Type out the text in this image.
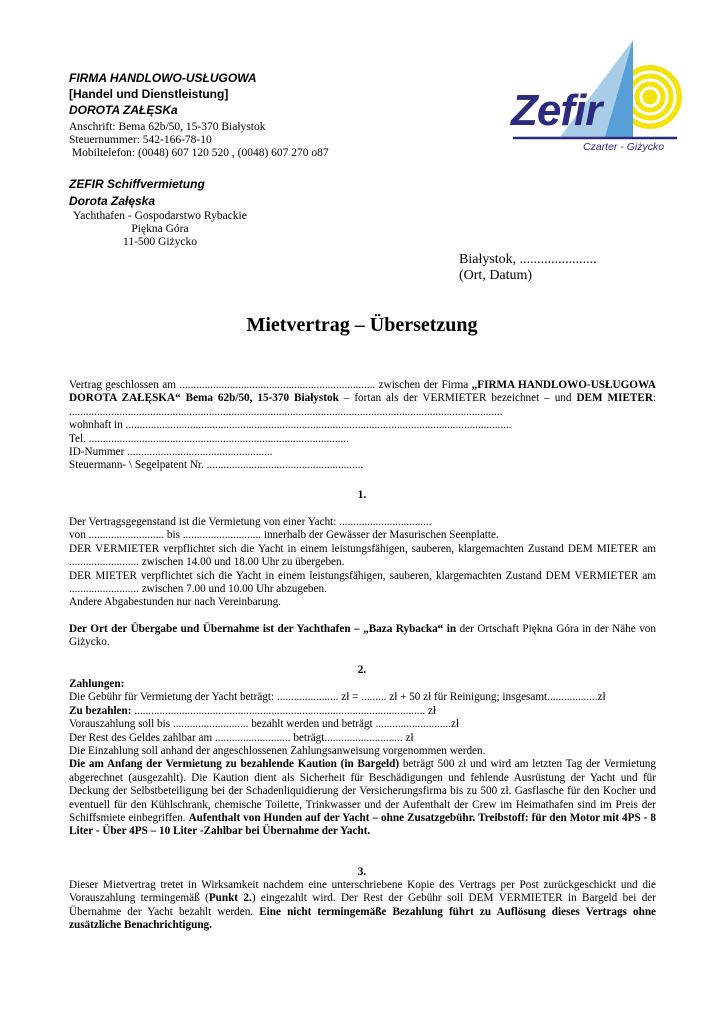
FIRMA HANDLOWO-USŁUGOWA
[Handel und Dienstleistung]
DOROTA ZAŁĘSKa
Anschrift: Bema 62b/50, 15-370 Białystok
Steuernummer: 542-166-78-10
Mobiltelefon: (0048) 607 120 520 , (0048) 607 270 o87
ZEFIR Schiffvermietung
Dorota Załęska
Yachthafen - Gospodarstwo Rybackie
Piękna Góra
11-500 Giżycko
Zefir
Czarter - Giżycko
Białystok, ......................
(Ort, Datum)
Mietvertrag – Übersetzung
Vertrag geschlossen am ...................................................................... zwischen der Firma „FIRMA HANDLOWO-USŁUGOWA DOROTA ZAŁĘSKA“ Bema 62b/50, 15-370 Białystok – fortan als der VERMIETER bezeichnet – und DEM MIETER: ...........................................................................................................................................................
wohnhaft in ..........................................................................................................................................
Tel. .............................................................................................
ID-Nummer ....................................................
Steuermann- \ Segelpatent Nr. ........................................................
1.
Der Vertragsgegenstand ist die Vermietung von einer Yacht: .................................
von ........................... bis ............................ innerhalb der Gewässer der Masurischen Seenplatte.
DER VERMIETER verpflichtet sich die Yacht in einem leistungsfähigen, sauberen, klargemachten Zustand DEM MIETER am ......................... zwischen 14.00 und 18.00 Uhr zu übergeben.
DER MIETER verpflichtet sich die Yacht in einem leistungsfähigen, sauberen, klargemachten Zustand DEM VERMIETER am ......................... zwischen 7.00 und 10.00 Uhr abzugeben.
Andere Abgabestunden nur nach Vereinbarung.
Der Ort der Übergabe und Übernahme ist der Yachthafen – „Baza Rybacka“ in der Ortschaft Piękna Góra in der Nähe von Giżycko.
2.
Zahlungen:
Die Gebühr für Vermietung der Yacht beträgt: ...................... zł = ......... zł + 50 zł für Reinigung; insgesamt..................zł
Zu bezahlen: ........................................................................................................ zł
Vorauszahlung soll bis ........................... bezahlt werden und beträgt ...........................zł
Der Rest des Geldes zahlbar am ........................... beträgt............................ zł
Die Einzahlung soll anhand der angeschlossenen Zahlungsanweisung vorgenommen werden.
Die am Anfang der Vermietung zu bezahlende Kaution (in Bargeld) beträgt 500 zł und wird am letzten Tag der Vermietung abgerechnet (ausgezahlt). Die Kaution dient als Sicherheit für Beschädigungen und fehlende Ausrüstung der Yacht und für Deckung der Selbstbeteiligung bei der Schadenliquidierung der Versicherungsfirma bis zu 500 zł. Gasflasche für den Kocher und eventuell für den Kühlschrank, chemische Toilette, Trinkwasser und der Aufenthalt der Crew im Heimathafen sind im Preis der Schiffsmiete einbegriffen. Aufenthalt von Hunden auf der Yacht – ohne Zusatzgebühr. Treibstoff: für den Motor mit 4PS - 8 Liter - Über 4PS – 10 Liter -Zahlbar bei Übernahme der Yacht.
3.
Dieser Mietvertrag tretet in Wirksamkeit nachdem eine unterschriebene Kopie des Vertrags per Post zurückgeschickt und die Vorauszahlung termingemäß (Punkt 2.) eingezahlt wird. Der Rest der Gebühr soll DEM VERMIETER in Bargeld bei der Übernahme der Yacht bezahlt werden. Eine nicht termingemäße Bezahlung führt zu Auflösung dieses Vertrags ohne zusätzliche Benachrichtigung.
